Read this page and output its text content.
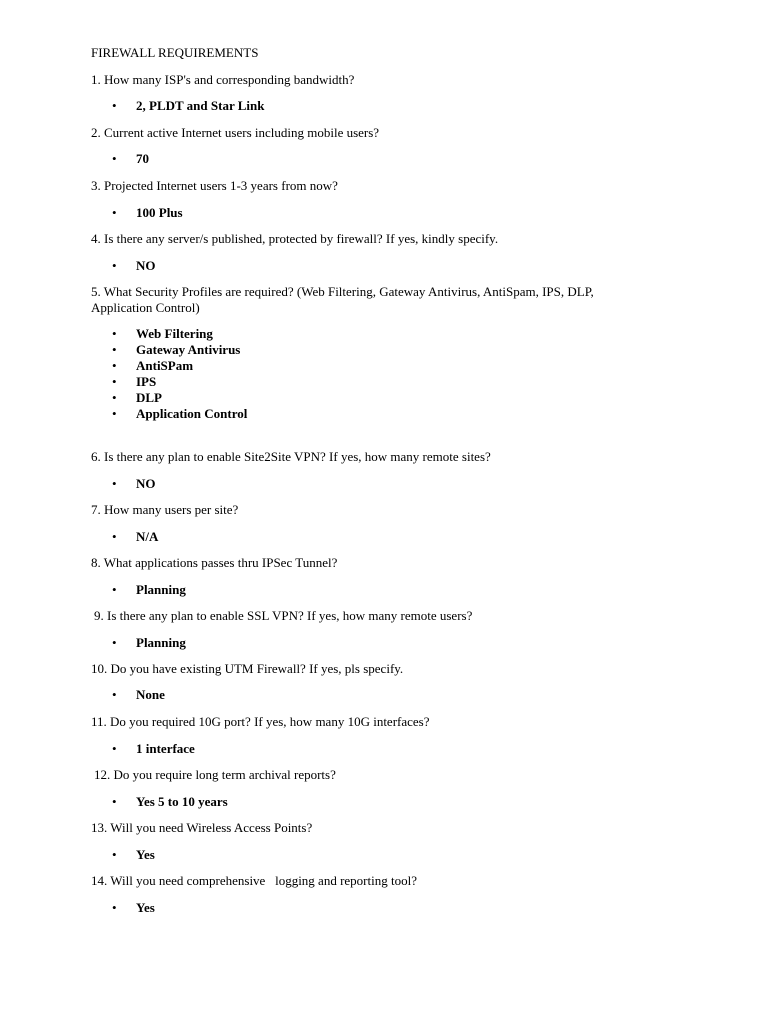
FIREWALL REQUIREMENTS
1. How many ISP's and corresponding bandwidth?
• 2, PLDT and Star Link
2. Current active Internet users including mobile users?
• 70
3. Projected Internet users 1-3 years from now?
• 100 Plus
4. Is there any server/s published, protected by firewall? If yes, kindly specify.
• NO
5. What Security Profiles are required? (Web Filtering, Gateway Antivirus, AntiSpam, IPS, DLP, Application Control)
• Web Filtering
• Gateway Antivirus
• AntiSPam
• IPS
• DLP
• Application Control
6. Is there any plan to enable Site2Site VPN? If yes, how many remote sites?
• NO
7. How many users per site?
• N/A
8. What applications passes thru IPSec Tunnel?
• Planning
9. Is there any plan to enable SSL VPN? If yes, how many remote users?
• Planning
10. Do you have existing UTM Firewall? If yes, pls specify.
• None
11. Do you required 10G port? If yes, how many 10G interfaces?
• 1 interface
12. Do you require long term archival reports?
• Yes 5 to 10 years
13. Will you need Wireless Access Points?
• Yes
14. Will you need comprehensive   logging and reporting tool?
• Yes
